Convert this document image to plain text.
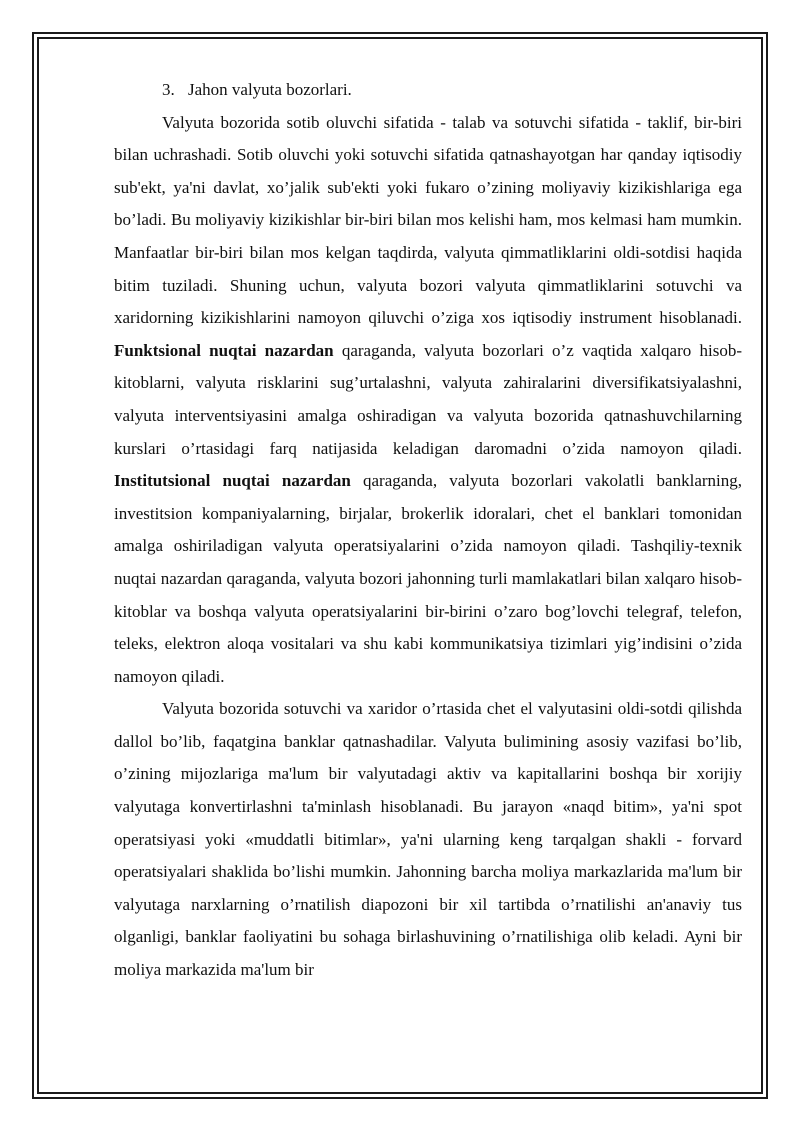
3. Jahon valyuta bozorlari.

Valyuta bozorida sotib oluvchi sifatida - talab va sotuvchi sifatida - taklif, bir-biri bilan uchrashadi. Sotib oluvchi yoki sotuvchi sifatida qatnashayotgan har qanday iqtisodiy sub'ekt, ya'ni davlat, xo’jalik sub'ekti yoki fukaro o’zining moliyaviy kizikishlariga ega bo’ladi. Bu moliyaviy kizikishlar bir-biri bilan mos kelishi ham, mos kelmasi ham mumkin. Manfaatlar bir-biri bilan mos kelgan taqdirda, valyuta qimmatliklarini oldi-sotdisi haqida bitim tuziladi. Shuning uchun, valyuta bozori valyuta qimmatliklarini sotuvchi va xaridorning kizikishlarini namoyon qiluvchi o’ziga xos iqtisodiy instrument hisoblanadi. Funktsional nuqtai nazardan qaraganda, valyuta bozorlari o’z vaqtida xalqaro hisob-kitoblarni, valyuta risklarini sug’urtalashni, valyuta zahiralarini diversifikatsiyalashni, valyuta interventsiyasini amalga oshiradigan va valyuta bozorida qatnashuvchilarning kurslari o’rtasidagi farq natijasida keladigan daromadni o’zida namoyon qiladi. Institutsional nuqtai nazardan qaraganda, valyuta bozorlari vakolatli banklarning, investitsion kompaniyalarning, birjalar, brokerlik idoralari, chet el banklari tomonidan amalga oshiriladigan valyuta operatsiyalarini o’zida namoyon qiladi. Tashqiliy-texnik nuqtai nazardan qaraganda, valyuta bozori jahonning turli mamlakatlari bilan xalqaro hisob-kitoblar va boshqa valyuta operatsiyalarini bir-birini o’zaro bog’lovchi telegraf, telefon, teleks, elektron aloqa vositalari va shu kabi kommunikatsiya tizimlari yig’indisini o’zida namoyon qiladi.

Valyuta bozorida sotuvchi va xaridor o’rtasida chet el valyutasini oldi-sotdi qilishda dallol bo’lib, faqatgina banklar qatnashadilar. Valyuta bulimining asosiy vazifasi bo’lib, o’zining mijozlariga ma'lum bir valyutadagi aktiv va kapitallarini boshqa bir xorijiy valyutaga konvertirlashni ta'minlash hisoblanadi. Bu jarayon «naqd bitim», ya'ni spot operatsiyasi yoki «muddatli bitimlar», ya'ni ularning keng tarqalgan shakli - forvard operatsiyalari shaklida bo’lishi mumkin. Jahonning barcha moliya markazlarida ma'lum bir valyutaga narxlarning o’rnatilish diapozoni bir xil tartibda o’rnatilishi an'anaviy tus olganligi, banklar faoliyatini bu sohaga birlashuvining o’rnatilishiga olib keladi. Ayni bir moliya markazida ma'lum bir
